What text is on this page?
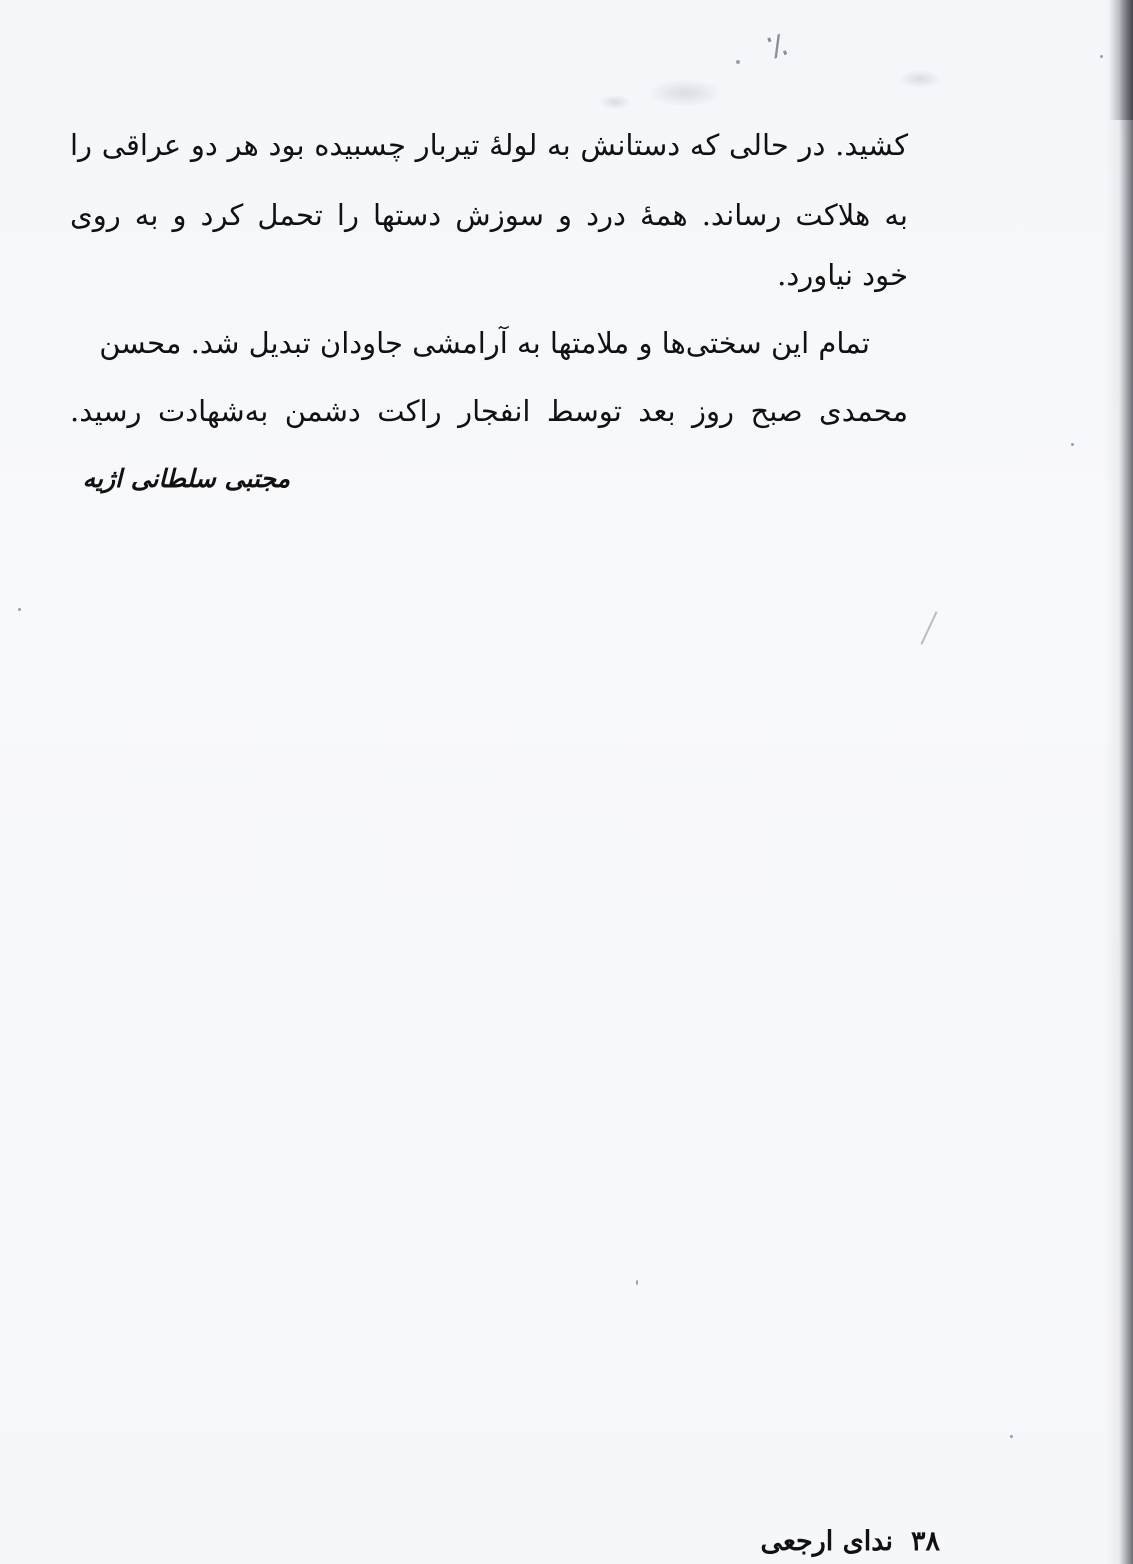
٪
کشید. در حالی که دستانش به لولهٔ تیربار چسبیده بود هر دو عراقی را
به هلاکت رساند. همهٔ درد و سوزش دستها را تحمل کرد و به روی
خود نیاورد.
تمام این سختی‌ها و ملامتها به آرامشی جاودان تبدیل شد. محسن
محمدی صبح روز بعد توسط انفجار راکت دشمن به‌شهادت رسید.
مجتبی سلطانی اژیه
۳۸ندای ارجعی
